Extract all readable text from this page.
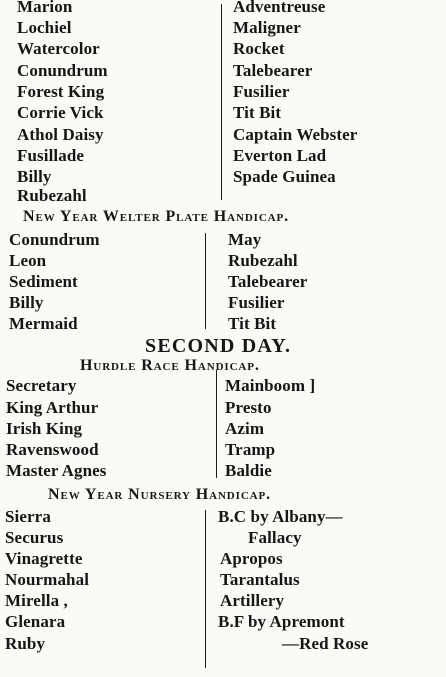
Marion
Lochiel
Watercolor
Conundrum
Forest King
Corrie Vick
Athol Daisy
Fusillade
Billy
Rubezahl
Adventreuse
Maligner
Rocket
Talebearer
Fusilier
Tit Bit
Captain Webster
Everton Lad
Spade Guinea
New Year Welter Plate Handicap.
Conundrum
Leon
Sediment
Billy
Mermaid
May
Rubezahl
Talebearer
Fusilier
Tit Bit
SECOND DAY.
Hurdle Race Handicap.
Secretary
King Arthur
Irish King
Ravenswood
Master Agnes
Mainboom ]
Presto
Azim
Tramp
Baldie
New Year Nursery Handicap.
Sierra
Securus
Vinagrette
Nourmahal
Mirella ,
Glenara
Ruby
B.C by Albany—
Fallacy
Apropos
Tarantalus
Artillery
B.F by Apremont
—Red Rose
